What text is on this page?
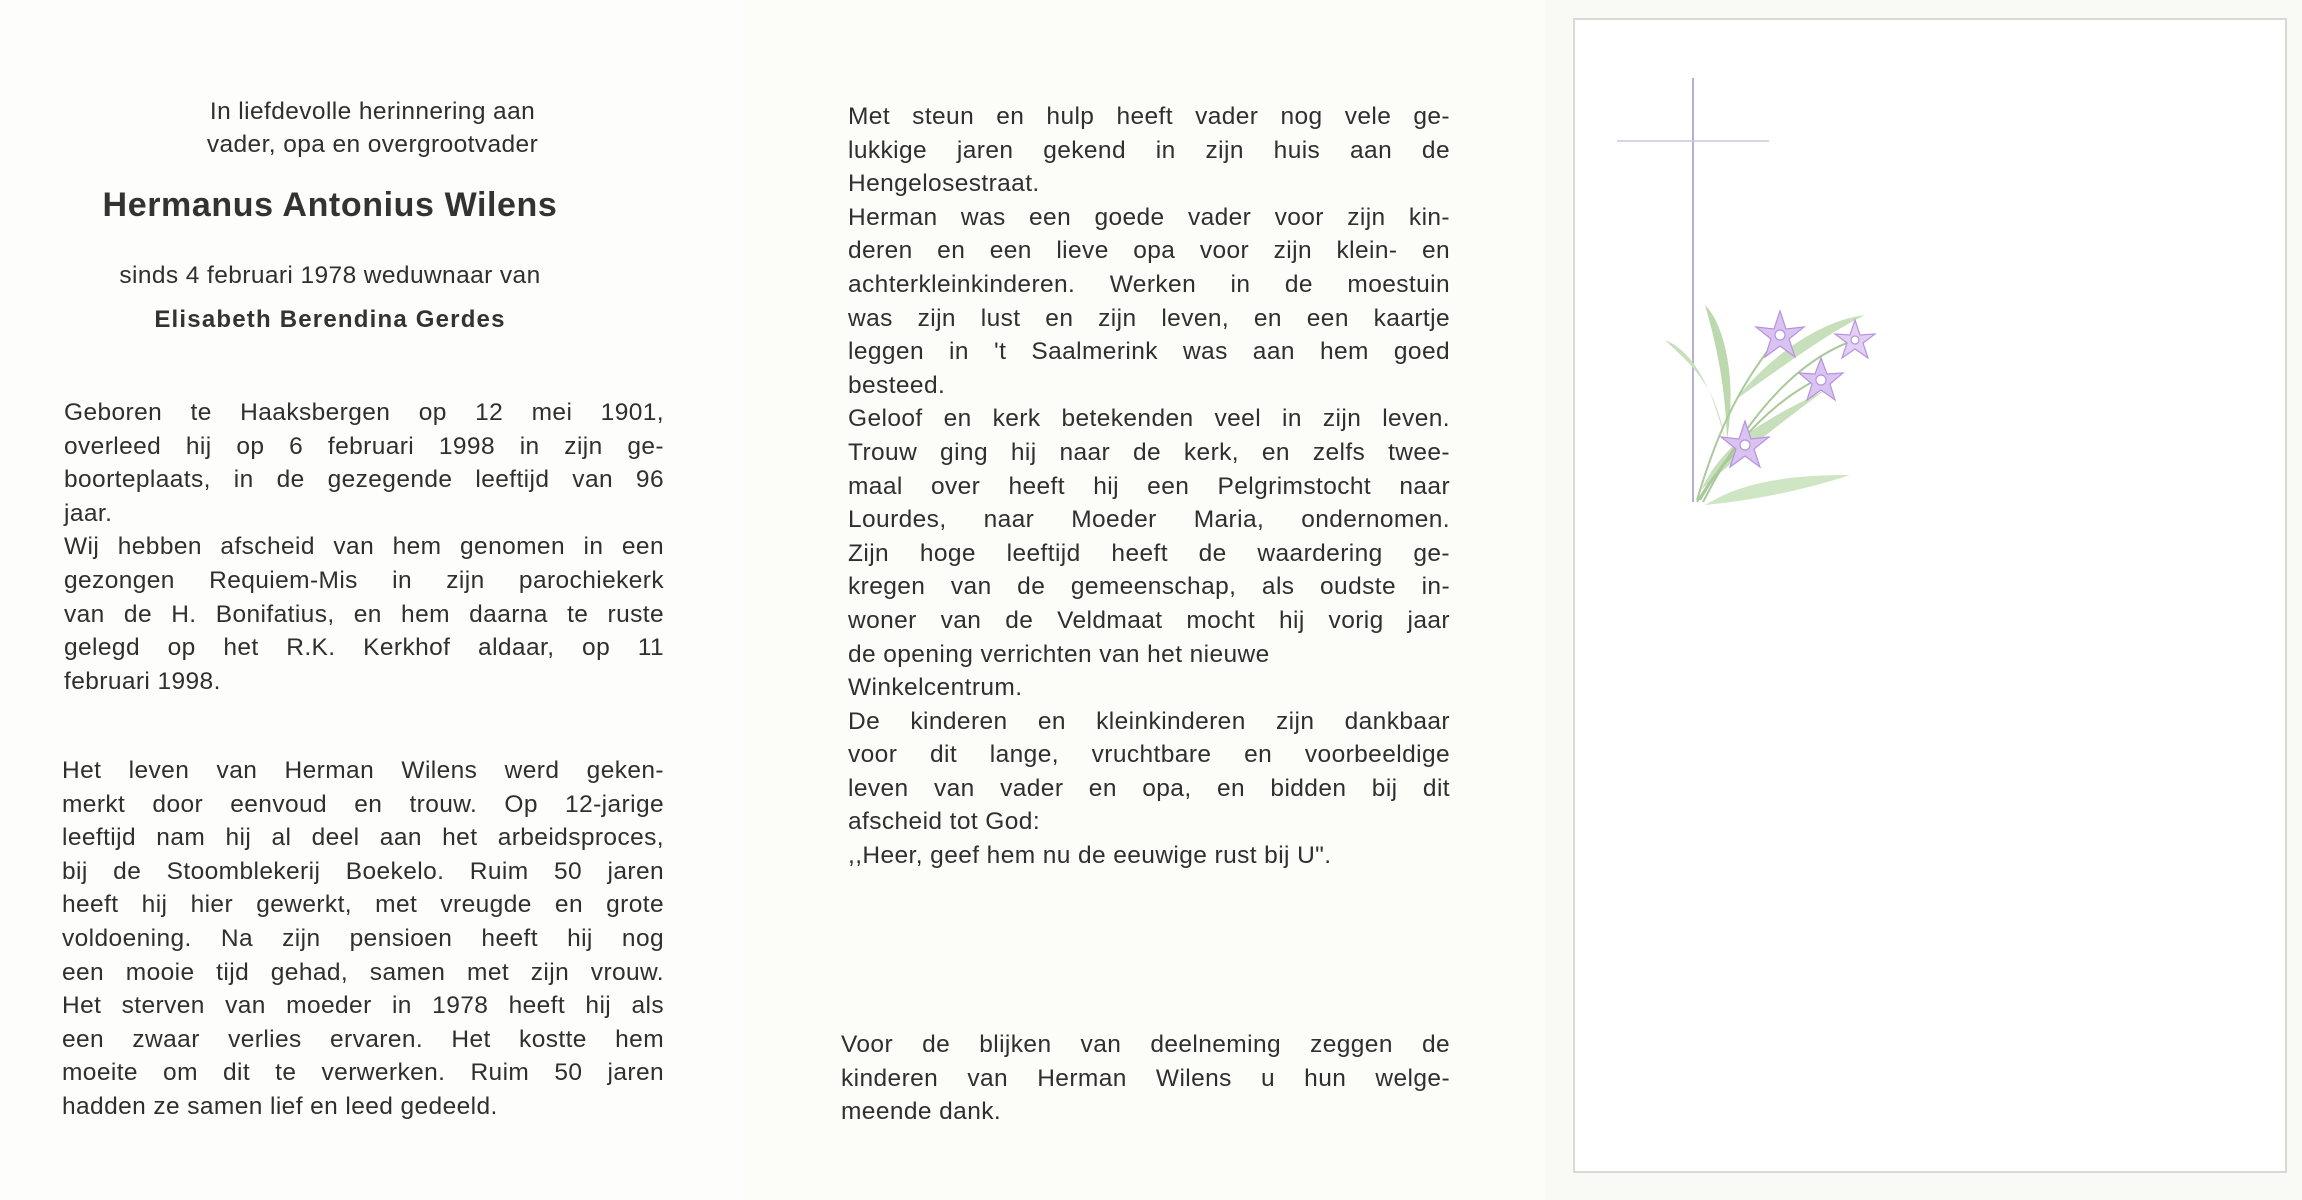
In liefdevolle herinnering aan
vader, opa en overgrootvader
Hermanus Antonius Wilens
sinds 4 februari 1978 weduwnaar van
Elisabeth Berendina Gerdes
Geboren te Haaksbergen op 12 mei 1901,
overleed hij op 6 februari 1998 in zijn ge-
boorteplaats, in de gezegende leeftijd van 96
jaar.
Wij hebben afscheid van hem genomen in een
gezongen Requiem-Mis in zijn parochiekerk
van de H. Bonifatius, en hem daarna te ruste
gelegd op het R.K. Kerkhof aldaar, op 11
februari 1998.
Het leven van Herman Wilens werd geken-
merkt door eenvoud en trouw. Op 12-jarige
leeftijd nam hij al deel aan het arbeidsproces,
bij de Stoomblekerij Boekelo. Ruim 50 jaren
heeft hij hier gewerkt, met vreugde en grote
voldoening. Na zijn pensioen heeft hij nog
een mooie tijd gehad, samen met zijn vrouw.
Het sterven van moeder in 1978 heeft hij als
een zwaar verlies ervaren. Het kostte hem
moeite om dit te verwerken. Ruim 50 jaren
hadden ze samen lief en leed gedeeld.
Met steun en hulp heeft vader nog vele ge-
lukkige jaren gekend in zijn huis aan de
Hengelosestraat.
Herman was een goede vader voor zijn kin-
deren en een lieve opa voor zijn klein- en
achterkleinkinderen. Werken in de moestuin
was zijn lust en zijn leven, en een kaartje
leggen in 't Saalmerink was aan hem goed
besteed.
Geloof en kerk betekenden veel in zijn leven.
Trouw ging hij naar de kerk, en zelfs twee-
maal over heeft hij een Pelgrimstocht naar
Lourdes, naar Moeder Maria, ondernomen.
Zijn hoge leeftijd heeft de waardering ge-
kregen van de gemeenschap, als oudste in-
woner van de Veldmaat mocht hij vorig jaar
de opening verrichten van het nieuwe
Winkelcentrum.
De kinderen en kleinkinderen zijn dankbaar
voor dit lange, vruchtbare en voorbeeldige
leven van vader en opa, en bidden bij dit
afscheid tot God:
,,Heer, geef hem nu de eeuwige rust bij U".
Voor de blijken van deelneming zeggen de
kinderen van Herman Wilens u hun welge-
meende dank.
